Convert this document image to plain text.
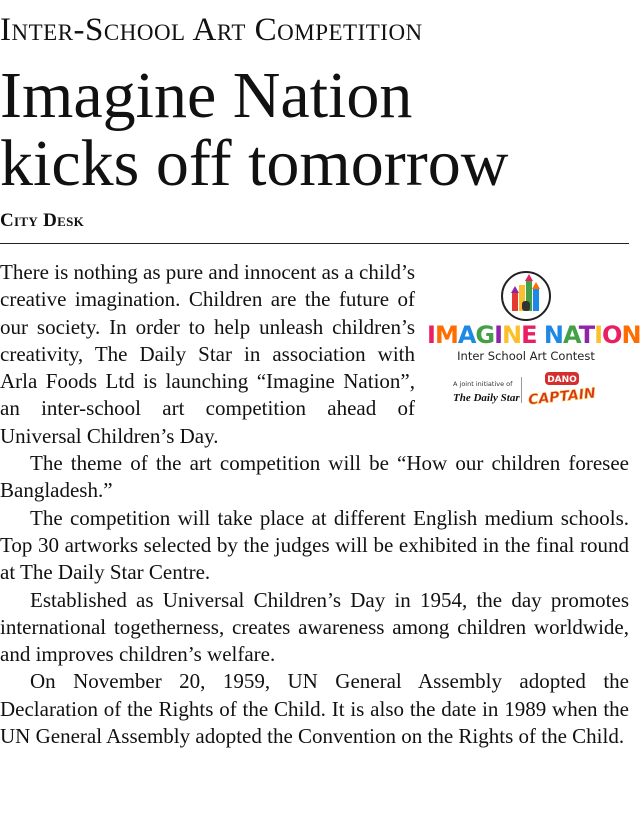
Inter-School Art Competition
Imagine Nation
kicks off tomorrow
City Desk
IMAGINE NATION
Inter School Art Contest
A joint initiative of
The Daily Star
DANO
CAPTAIN

There is nothing as pure and innocent as a child’s creative imagination. Children are the future of our society. In order to help unleash children’s creativity, The Daily Star in association with Arla Foods Ltd is launching “Imagine Nation”, an inter-school art competition ahead of Universal Children’s Day.

The theme of the art competition will be “How our children foresee Bangladesh.”

The competition will take place at different English medium schools. Top 30 artworks selected by the judges will be exhibited in the final round at The Daily Star Centre.

Established as Universal Children’s Day in 1954, the day promotes international togetherness, creates awareness among children worldwide, and improves children’s welfare.

On November 20, 1959, UN General Assembly adopted the Declaration of the Rights of the Child. It is also the date in 1989 when the UN General Assembly adopted the Convention on the Rights of the Child.
